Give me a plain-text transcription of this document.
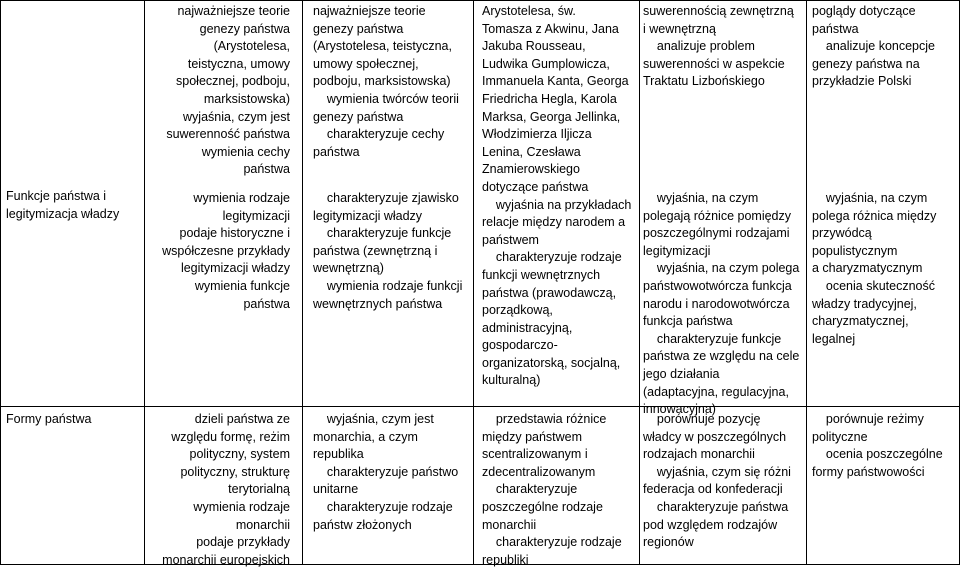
Funkcje państwa i
legitymizacja władzy
najważniejsze teorie
genezy państwa
(Arystotelesa,
teistyczna, umowy
społecznej, podboju,
marksistowska)
wyjaśnia, czym jest
suwerenność państwa
wymienia cechy
państwa
wymienia rodzaje
legitymizacji
podaje historyczne i
współczesne przykłady
legitymizacji władzy
wymienia funkcje
państwa
najważniejsze teorie
genezy państwa
(Arystotelesa, teistyczna,
umowy społecznej,
podboju, marksistowska)
wymienia twórców teorii
genezy państwa
charakteryzuje cechy
państwa
charakteryzuje zjawisko
legitymizacji władzy
charakteryzuje funkcje
państwa (zewnętrzną i
wewnętrzną)
wymienia rodzaje funkcji
wewnętrznych państwa
Arystotelesa, św.
Tomasza z Akwinu, Jana
Jakuba Rousseau,
Ludwika Gumplowicza,
Immanuela Kanta, Georga
Friedricha Hegla, Karola
Marksa, Georga Jellinka,
Włodzimierza Iljicza
Lenina, Czesława
Znamierowskiego
dotyczące państwa
wyjaśnia na przykładach
relacje między narodem a
państwem
charakteryzuje rodzaje
funkcji wewnętrznych
państwa (prawodawczą,
porządkową,
administracyjną,
gospodarczo-
organizatorską, socjalną,
kulturalną)
suwerennością zewnętrzną
i wewnętrzną
analizuje problem
suwerenności w aspekcie
Traktatu Lizbońskiego
wyjaśnia, na czym
polegają różnice pomiędzy
poszczególnymi rodzajami
legitymizacji
wyjaśnia, na czym polega
państwowotwórcza funkcja
narodu i narodowotwórcza
funkcja państwa
charakteryzuje funkcje
państwa ze względu na cele
jego działania
(adaptacyjna, regulacyjna,
innowacyjna)
poglądy dotyczące
państwa
analizuje koncepcje
genezy państwa na
przykładzie Polski
wyjaśnia, na czym
polega różnica między
przywódcą
populistycznym
a charyzmatycznym
ocenia skuteczność
władzy tradycyjnej,
charyzmatycznej,
legalnej
Formy państwa	dzieli państwa ze
względu formę, reżim
polityczny, system
polityczny, strukturę
terytorialną
wymienia rodzaje
monarchii
podaje przykłady
monarchii europejskich
wyjaśnia, czym jest
monarchia, a czym
republika
charakteryzuje państwo
unitarne
charakteryzuje rodzaje
państw złożonych
przedstawia różnice
między państwem
scentralizowanym i
zdecentralizowanym
charakteryzuje
poszczególne rodzaje
monarchii
charakteryzuje rodzaje
republiki
porównuje pozycję
władcy w poszczególnych
rodzajach monarchii
wyjaśnia, czym się różni
federacja od konfederacji
charakteryzuje państwa
pod względem rodzajów
regionów
porównuje reżimy
polityczne
ocenia poszczególne
formy państwowości
